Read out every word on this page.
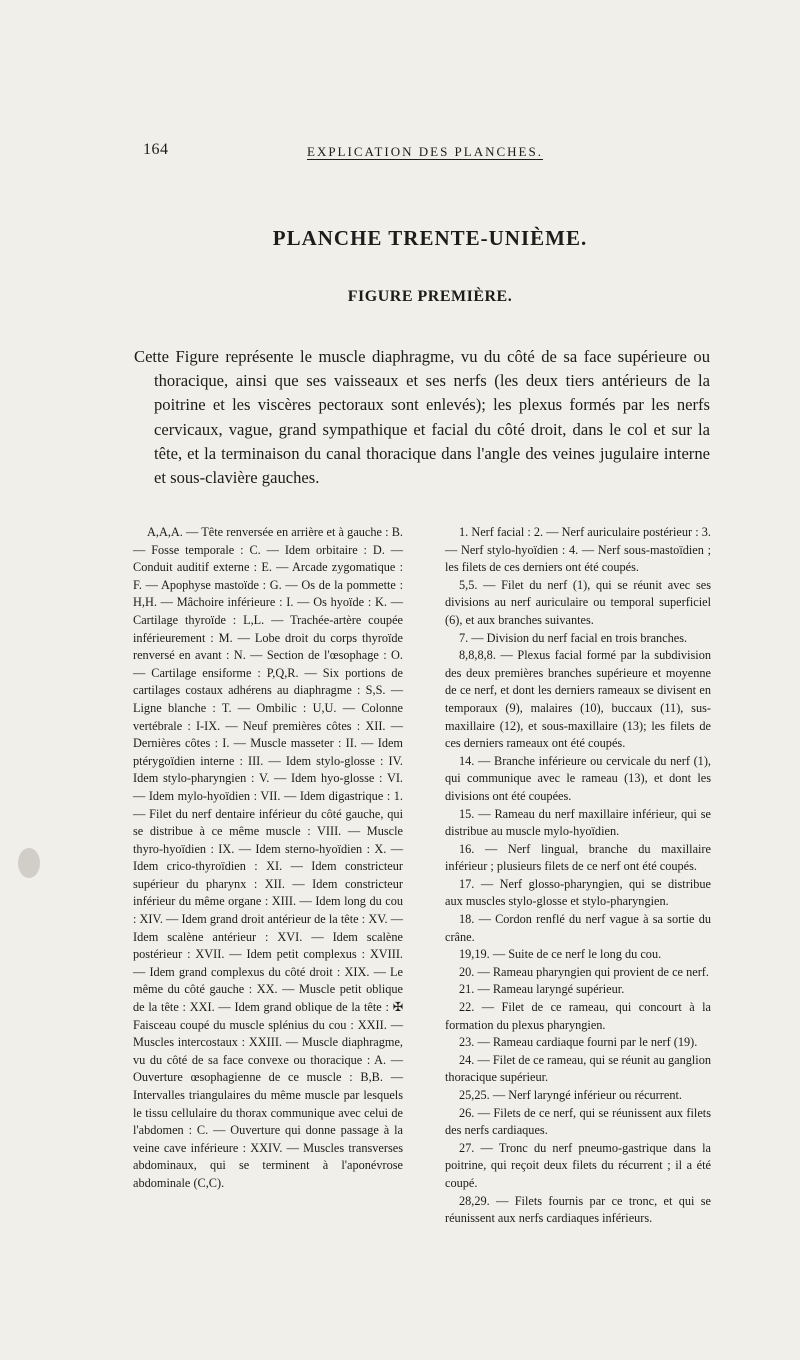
164	EXPLICATION DES PLANCHES.
PLANCHE TRENTE-UNIÈME.
FIGURE PREMIÈRE.
Cette Figure représente le muscle diaphragme, vu du côté de sa face supérieure ou thoracique, ainsi que ses vaisseaux et ses nerfs (les deux tiers antérieurs de la poitrine et les viscères pectoraux sont enlevés); les plexus formés par les nerfs cervicaux, vague, grand sympathique et facial du côté droit, dans le col et sur la tête, et la terminaison du canal thoracique dans l'angle des veines jugulaire interne et sous-clavière gauches.

A,A,A. — Tête renversée en arrière et à gauche : B. — Fosse temporale : C. — Idem orbitaire : D. — Conduit auditif externe : E. — Arcade zygomatique : F. — Apophyse mastoïde : G. — Os de la pommette : H,H. — Mâchoire inférieure : I. — Os hyoïde : K. — Cartilage thyroïde : L,L. — Trachée-artère coupée inférieurement : M. — Lobe droit du corps thyroïde renversé en avant : N. — Section de l'œsophage : O. — Cartilage ensiforme : P,Q,R. — Six portions de cartilages costaux adhérens au diaphragme : S,S. — Ligne blanche : T. — Ombilic : U,U. — Colonne vertébrale : I-IX. — Neuf premières côtes : XII. — Dernières côtes : I. — Muscle masseter : II. — Idem ptérygoïdien interne : III. — Idem stylo-glosse : IV. Idem stylo-pharyngien : V. — Idem hyo-glosse : VI. — Idem mylo-hyoïdien : VII. — Idem digastrique : 1. — Filet du nerf dentaire inférieur du côté gauche, qui se distribue à ce même muscle : VIII. — Muscle thyro-hyoïdien : IX. — Idem sterno-hyoïdien : X. — Idem crico-thyroïdien : XI. — Idem constricteur supérieur du pharynx : XII. — Idem constricteur inférieur du même organe : XIII. — Idem long du cou : XIV. — Idem grand droit antérieur de la tête : XV. — Idem scalène antérieur : XVI. — Idem scalène postérieur : XVII. — Idem petit complexus : XVIII. — Idem grand complexus du côté droit : XIX. — Le même du côté gauche : XX. — Muscle petit oblique de la tête : XXI. — Idem grand oblique de la tête : ✠ Faisceau coupé du muscle splénius du cou : XXII. — Muscles intercostaux : XXIII. — Muscle diaphragme, vu du côté de sa face convexe ou thoracique : A. — Ouverture œsophagienne de ce muscle : B,B. — Intervalles triangulaires du même muscle par lesquels le tissu cellulaire du thorax communique avec celui de l'abdomen : C. — Ouverture qui donne passage à la veine cave inférieure : XXIV. — Muscles transverses abdominaux, qui se terminent à l'aponévrose abdominale (C,C).

1. Nerf facial : 2. — Nerf auriculaire postérieur : 3. — Nerf stylo-hyoïdien : 4. — Nerf sous-mastoïdien ; les filets de ces derniers ont été coupés.

5,5. — Filet du nerf (1), qui se réunit avec ses divisions au nerf auriculaire ou temporal superficiel (6), et aux branches suivantes.

7. — Division du nerf facial en trois branches.

8,8,8,8. — Plexus facial formé par la subdivision des deux premières branches supérieure et moyenne de ce nerf, et dont les derniers rameaux se divisent en temporaux (9), malaires (10), buccaux (11), sus-maxillaire (12), et sous-maxillaire (13); les filets de ces derniers rameaux ont été coupés.

14. — Branche inférieure ou cervicale du nerf (1), qui communique avec le rameau (13), et dont les divisions ont été coupées.

15. — Rameau du nerf maxillaire inférieur, qui se distribue au muscle mylo-hyoïdien.

16. — Nerf lingual, branche du maxillaire inférieur ; plusieurs filets de ce nerf ont été coupés.

17. — Nerf glosso-pharyngien, qui se distribue aux muscles stylo-glosse et stylo-pharyngien.

18. — Cordon renflé du nerf vague à sa sortie du crâne.

19,19. — Suite de ce nerf le long du cou.

20. — Rameau pharyngien qui provient de ce nerf.

21. — Rameau laryngé supérieur.

22. — Filet de ce rameau, qui concourt à la formation du plexus pharyngien.

23. — Rameau cardiaque fourni par le nerf (19).

24. — Filet de ce rameau, qui se réunit au ganglion thoracique supérieur.

25,25. — Nerf laryngé inférieur ou récurrent.

26. — Filets de ce nerf, qui se réunissent aux filets des nerfs cardiaques.

27. — Tronc du nerf pneumo-gastrique dans la poitrine, qui reçoit deux filets du récurrent ; il a été coupé.

28,29. — Filets fournis par ce tronc, et qui se réunissent aux nerfs cardiaques inférieurs.
